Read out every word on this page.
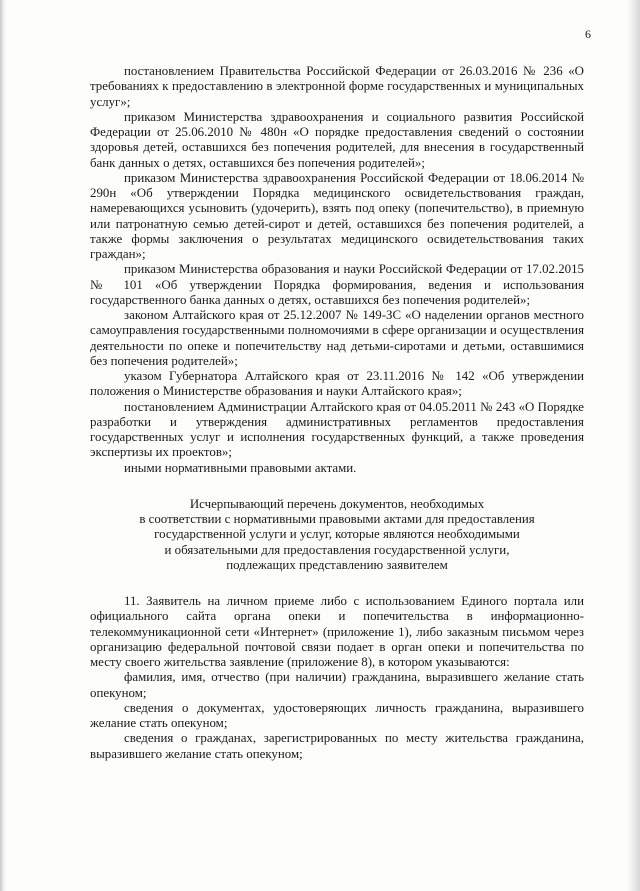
6

постановлением Правительства Российской Федерации от 26.03.2016 № 236 «О требованиях к предоставлению в электронной форме государственных и муниципальных услуг»;

приказом Министерства здравоохранения и социального развития Российской Федерации от 25.06.2010 № 480н «О порядке предоставления сведений о состоянии здоровья детей, оставшихся без попечения родителей, для внесения в государственный банк данных о детях, оставшихся без попечения родителей»;

приказом Министерства здравоохранения Российской Федерации от 18.06.2014 № 290н «Об утверждении Порядка медицинского освидетельствования граждан, намеревающихся усыновить (удочерить), взять под опеку (попечительство), в приемную или патронатную семью детей-сирот и детей, оставшихся без попечения родителей, а также формы заключения о результатах медицинского освидетельствования таких граждан»;

приказом Министерства образования и науки Российской Федерации от 17.02.2015 № 101 «Об утверждении Порядка формирования, ведения и использования государственного банка данных о детях, оставшихся без попечения родителей»;

законом Алтайского края от 25.12.2007 № 149-ЗС «О наделении органов местного самоуправления государственными полномочиями в сфере организации и осуществления деятельности по опеке и попечительству над детьми-сиротами и детьми, оставшимися без попечения родителей»;

указом Губернатора Алтайского края от 23.11.2016 № 142 «Об утверждении положения о Министерстве образования и науки Алтайского края»;

постановлением Администрации Алтайского края от 04.05.2011 № 243 «О Порядке разработки и утверждения административных регламентов предоставления государственных услуг и исполнения государственных функций, а также проведения экспертизы их проектов»;

иными нормативными правовыми актами.

Исчерпывающий перечень документов, необходимых
в соответствии с нормативными правовыми актами для предоставления
государственной услуги и услуг, которые являются необходимыми
и обязательными для предоставления государственной услуги,
подлежащих представлению заявителем

11. Заявитель на личном приеме либо с использованием Единого портала или официального сайта органа опеки и попечительства в информационно-телекоммуникационной сети «Интернет» (приложение 1), либо заказным письмом через организацию федеральной почтовой связи подает в орган опеки и попечительства по месту своего жительства заявление (приложение 8), в котором указываются:

фамилия, имя, отчество (при наличии) гражданина, выразившего желание стать опекуном;

сведения о документах, удостоверяющих личность гражданина, выразившего желание стать опекуном;

сведения о гражданах, зарегистрированных по месту жительства гражданина, выразившего желание стать опекуном;
